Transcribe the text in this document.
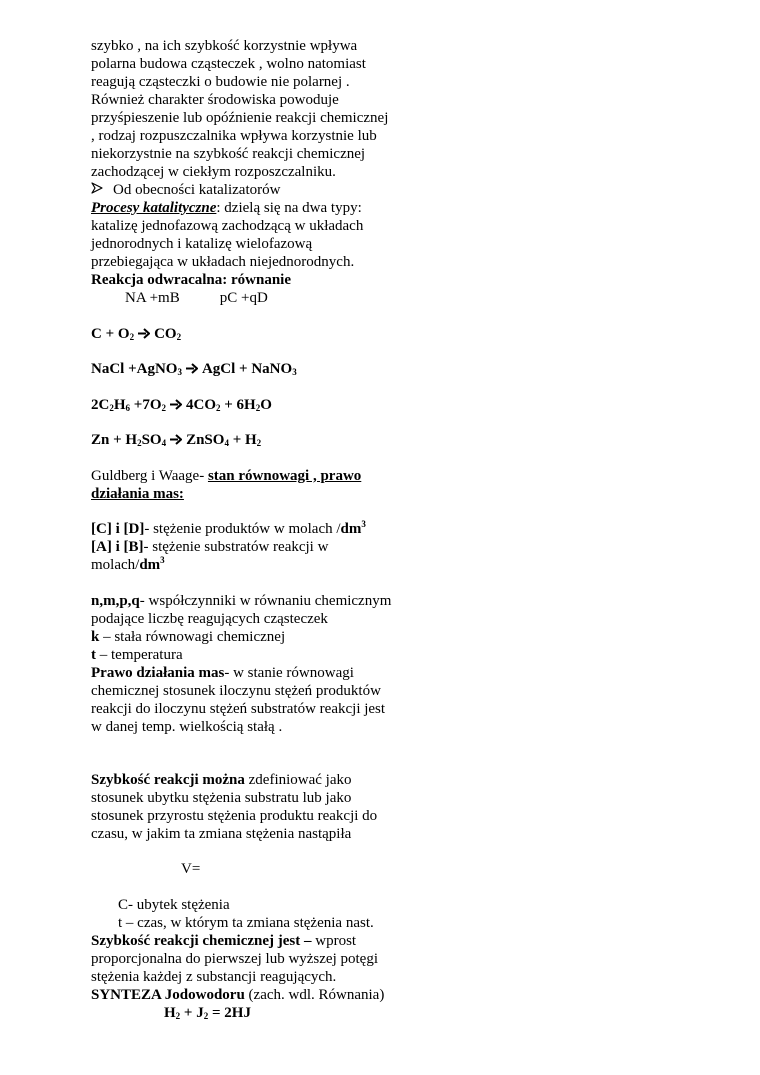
szybko , na ich szybkość korzystnie wpływa
polarna budowa cząsteczek , wolno natomiast
reagują cząsteczki o budowie nie polarnej .
Również charakter środowiska powoduje
przyśpieszenie lub opóźnienie reakcji chemicznej
, rodzaj rozpuszczalnika wpływa korzystnie lub
niekorzystnie na szybkość reakcji chemicznej
zachodzącej w ciekłym rozposzczalniku.
Od obecności katalizatorów
Procesy katalityczne: dzielą się na dwa typy:
katalizę jednofazową zachodzącą w układach
jednorodnych i katalizę wielofazową
przebiegająca w układach niejednorodnych.
Reakcja odwracalna: równanie
NA +mB	pC +qD
$C + O_2 \to CO_2$
NaCl +AgNO$_3$ → AgCl + NaNO$_3$
$2C_2H_6 +7O_2 \to 4CO_2 + 6H_2O$
$Zn + H_2SO_4$ → ZnSO$_4$ + $H_2$
Guldberg i Waage- stan równowagi , prawo
działania mas:
[C] i [D]- stężenie produktów w molach $/dm^3$
[A] i [B]- stężenie substratów reakcji w
molach/$dm^3$
n,m,p,q- współczynniki w równaniu chemicznym
podające liczbę reagujących cząsteczek
k – stała równowagi chemicznej
t – temperatura
Prawo działania mas- w stanie równowagi
chemicznej stosunek iloczynu stężeń produktów
reakcji do iloczynu stężeń substratów reakcji jest
w danej temp. wielkością stałą .
Szybkość reakcji można zdefiniować jako
stosunek ubytku stężenia substratu lub jako
stosunek przyrostu stężenia produktu reakcji do
czasu, w jakim ta zmiana stężenia nastąpiła
V=
C- ubytek stężenia
t – czas, w którym ta zmiana stężenia nast.
Szybkość reakcji chemicznej jest – wprost
proporcjonalna do pierwszej lub wyższej potęgi
stężenia każdej z substancji reagujących.
SYNTEZA Jodowodoru (zach. wdl. Równania)
$H_2 + J_2 = 2HJ$
